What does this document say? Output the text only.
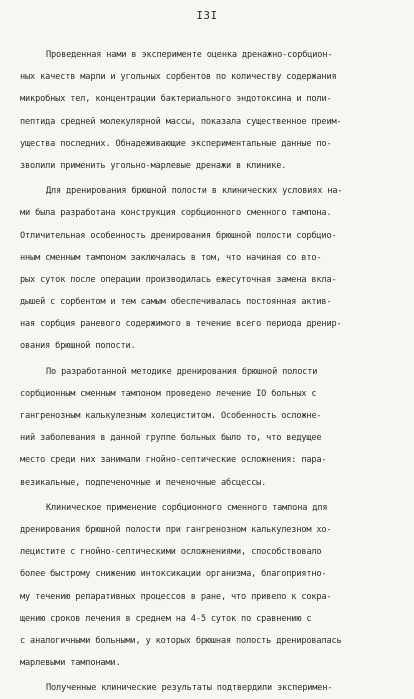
I3I
Проведенная нами в эксперименте оценка дренажно-сорбцион-
ных качеств марли и угольных сорбентов по количеству содержания
микробных тел, концентрации бактериального эндотоксина и поли-
пептида средней молекулярной массы, показала существенное преим-
ущества последних. Обнадеживающие экспериментальные данные по-
зволили применить угольно-марлевые дренажи в клинике.
Для дренирования брюшной полости в клинических условиях на-
ми была разработана конструкция сорбционного сменного тампона.
Отличительная особенность дренирования брюшной полости сорбцио-
нным сменным тампоном заключалась в том, что начиная со вто-
рых суток после операции производилась ежесуточная замена вкла-
дышей с сорбентом и тем самым обеспечивалась постоянная актив-
ная сорбция раневого содержимого в течение всего периода дренир-
ования брюшной полости.
По разработанной методике дренирования брюшной полости
сорбционным сменным тампоном проведено лечение IO больных с
гангренозным калькулезным холециститом. Особенность осложне-
ний заболевания в данной группе больных было то, что ведущее
место среди них занимали гнойно-септические осложнения: пара-
везикальные, подпеченочные и печеночные абсцессы.
Клиническое применение сорбционного сменного тампона для
дренирования брюшной полости при гангренозном калькулезном хо-
лецистите с гнойно-септическими осложнениями, способствовало
более быстрому снижению интоксикации организма, благоприятно-
му течению репаративных процессов в ране, что привело к сокра-
щению сроков лечения в среднем на 4-5 суток по сравнению с
с аналогичными больными, у которых брюшная полость дренировалась
марлевыми тампонами.
Полученные клинические результаты подтвердили эксперимен-
